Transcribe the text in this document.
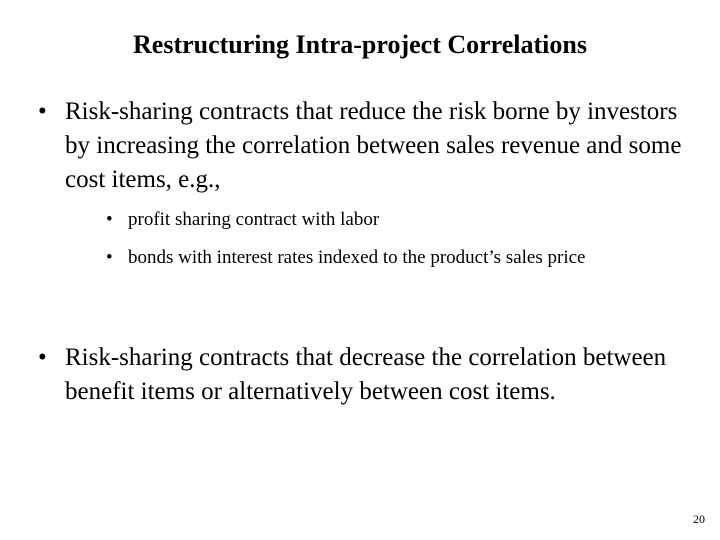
Restructuring Intra-project Correlations
• Risk-sharing contracts that reduce the risk borne by investors by increasing the correlation between sales revenue and some cost items, e.g.,
• profit sharing contract with labor
• bonds with interest rates indexed to the product’s sales price
• Risk-sharing contracts that decrease the correlation between benefit items or alternatively between cost items.
20
